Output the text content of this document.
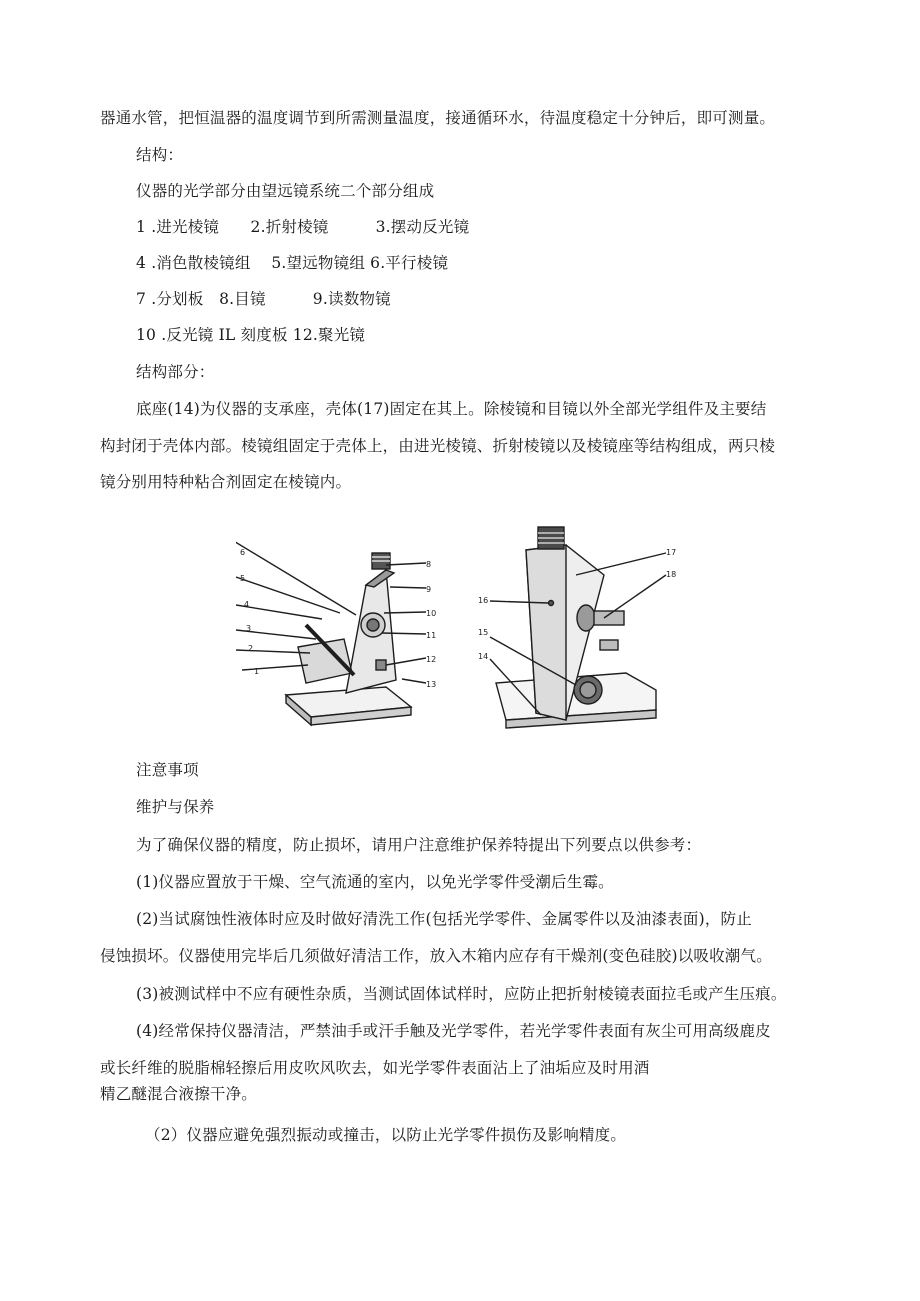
器通水管，把恒温器的温度调节到所需测量温度，接通循环水，待温度稳定十分钟后，即可测量。
结构：
仪器的光学部分由望远镜系统二个部分组成
1 .进光棱镜　　2.折射棱镜　　　3.摆动反光镜
4 .消色散棱镜组　 5.望远物镜组 6.平行棱镜
7 .分划板　8.目镜　　　9.读数物镜
10 .反光镜 IL 刻度板 12.聚光镜
结构部分：
底座(14)为仪器的支承座，壳体(17)固定在其上。除棱镜和目镜以外全部光学组件及主要结
构封闭于壳体内部。棱镜组固定于壳体上，由进光棱镜、折射棱镜以及棱镜座等结构组成，两只棱
镜分别用特种粘合剂固定在棱镜内。
6
5
4
3
2
1
8
9
10
11
12
13
17
18
16
15
14
注意事项
维护与保养
为了确保仪器的精度，防止损坏，请用户注意维护保养特提出下列要点以供参考：
(1)仪器应置放于干燥、空气流通的室内，以免光学零件受潮后生霉。
(2)当试腐蚀性液体时应及时做好清洗工作(包括光学零件、金属零件以及油漆表面)，防止
侵蚀损坏。仪器使用完毕后几须做好清洁工作，放入木箱内应存有干燥剂(变色硅胶)以吸收潮气。
(3)被测试样中不应有硬性杂质，当测试固体试样时，应防止把折射棱镜表面拉毛或产生压痕。
(4)经常保持仪器清洁，严禁油手或汗手触及光学零件，若光学零件表面有灰尘可用高级鹿皮
或长纤维的脱脂棉轻擦后用皮吹风吹去，如光学零件表面沾上了油垢应及时用酒
精乙醚混合液擦干净。
（2）仪器应避免强烈振动或撞击，以防止光学零件损伤及影响精度。
